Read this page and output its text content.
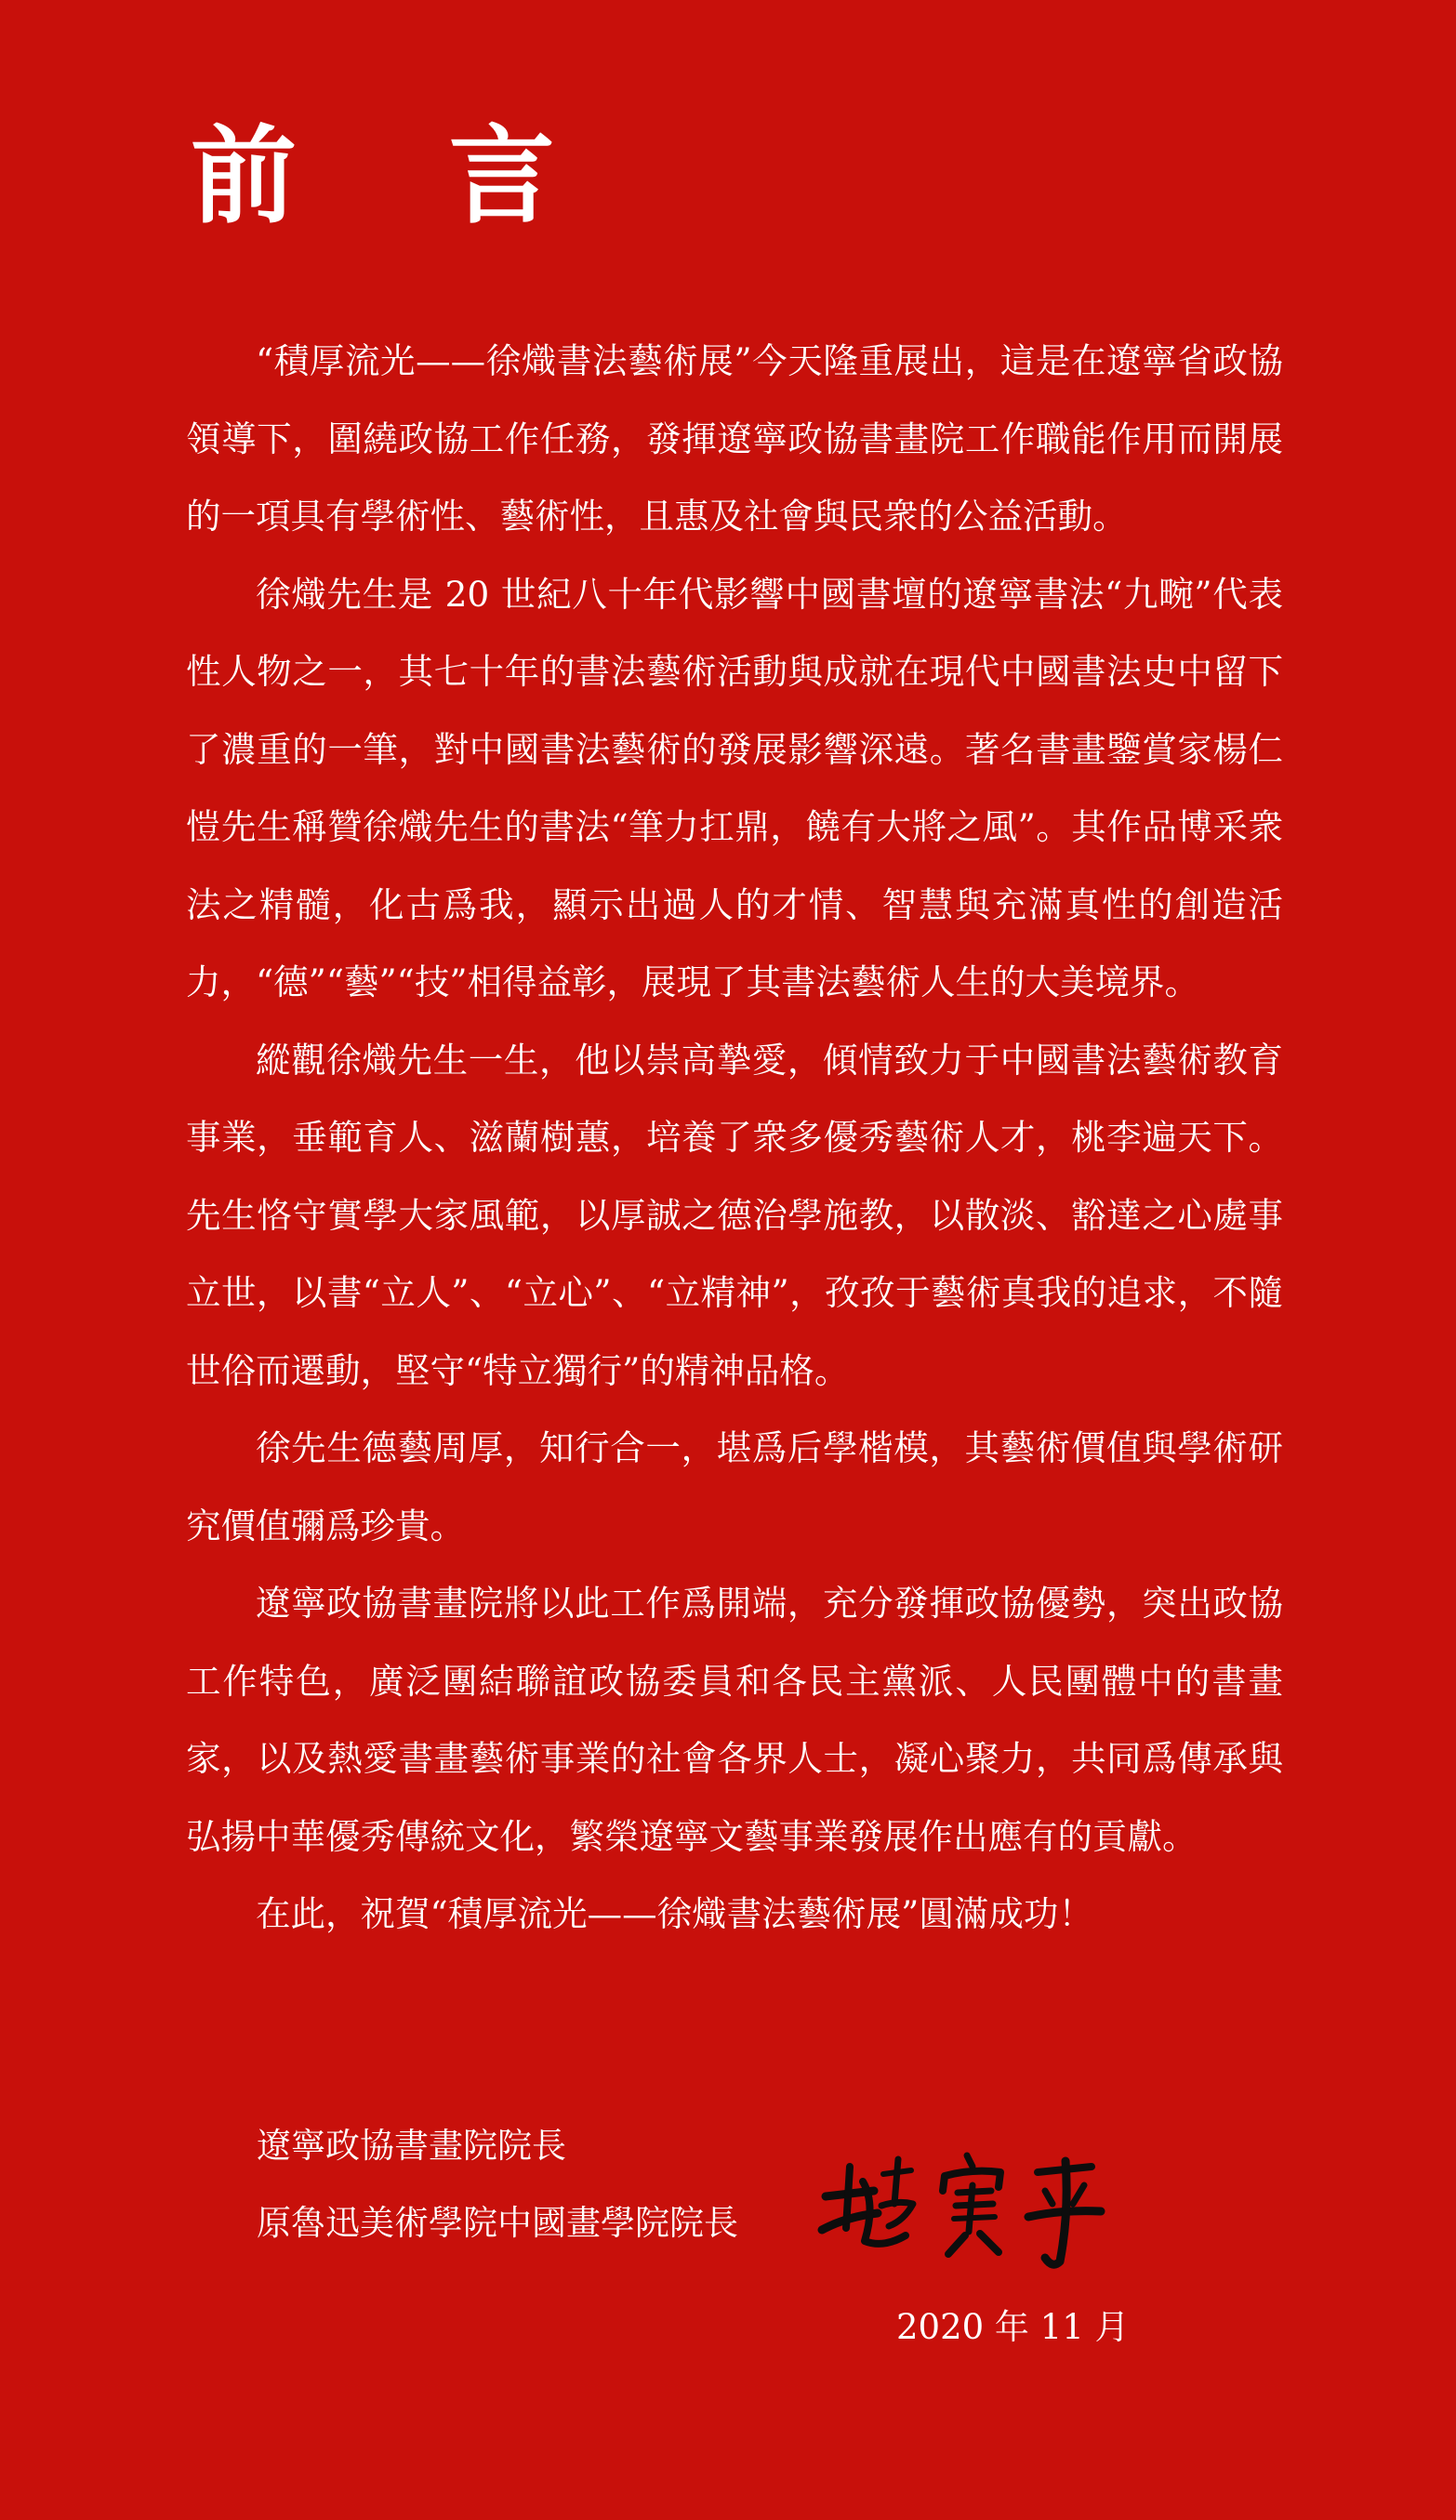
前 言

“積厚流光——徐熾書法藝術展”今天隆重展出，這是在遼寧省政協領導下，圍繞政協工作任務，發揮遼寧政協書畫院工作職能作用而開展的一項具有學術性、藝術性，且惠及社會與民衆的公益活動。

徐熾先生是 20 世紀八十年代影響中國書壇的遼寧書法“九畹”代表性人物之一，其七十年的書法藝術活動與成就在現代中國書法史中留下了濃重的一筆，對中國書法藝術的發展影響深遠。著名書畫鑒賞家楊仁愷先生稱贊徐熾先生的書法“筆力扛鼎，饒有大將之風”。其作品博采衆法之精髓，化古爲我，顯示出過人的才情、智慧與充滿真性的創造活力，“德”“藝”“技”相得益彰，展現了其書法藝術人生的大美境界。

縱觀徐熾先生一生，他以崇高摯愛，傾情致力于中國書法藝術教育事業，垂範育人、滋蘭樹蕙，培養了衆多優秀藝術人才，桃李遍天下。先生恪守實學大家風範，以厚誠之德治學施教，以散淡、豁達之心處事立世，以書“立人”、“立心”、“立精神”，孜孜于藝術真我的追求，不隨世俗而遷動，堅守“特立獨行”的精神品格。

徐先生德藝周厚，知行合一，堪爲后學楷模，其藝術價值與學術研究價值彌爲珍貴。

遼寧政協書畫院將以此工作爲開端，充分發揮政協優勢，突出政協工作特色，廣泛團結聯誼政協委員和各民主黨派、人民團體中的書畫家，以及熱愛書畫藝術事業的社會各界人士，凝心聚力，共同爲傳承與弘揚中華優秀傳統文化，繁榮遼寧文藝事業發展作出應有的貢獻。

在此，祝賀“積厚流光——徐熾書法藝術展”圓滿成功！

遼寧政協書畫院院長
原魯迅美術學院中國畫學院院長
2020 年 11 月
